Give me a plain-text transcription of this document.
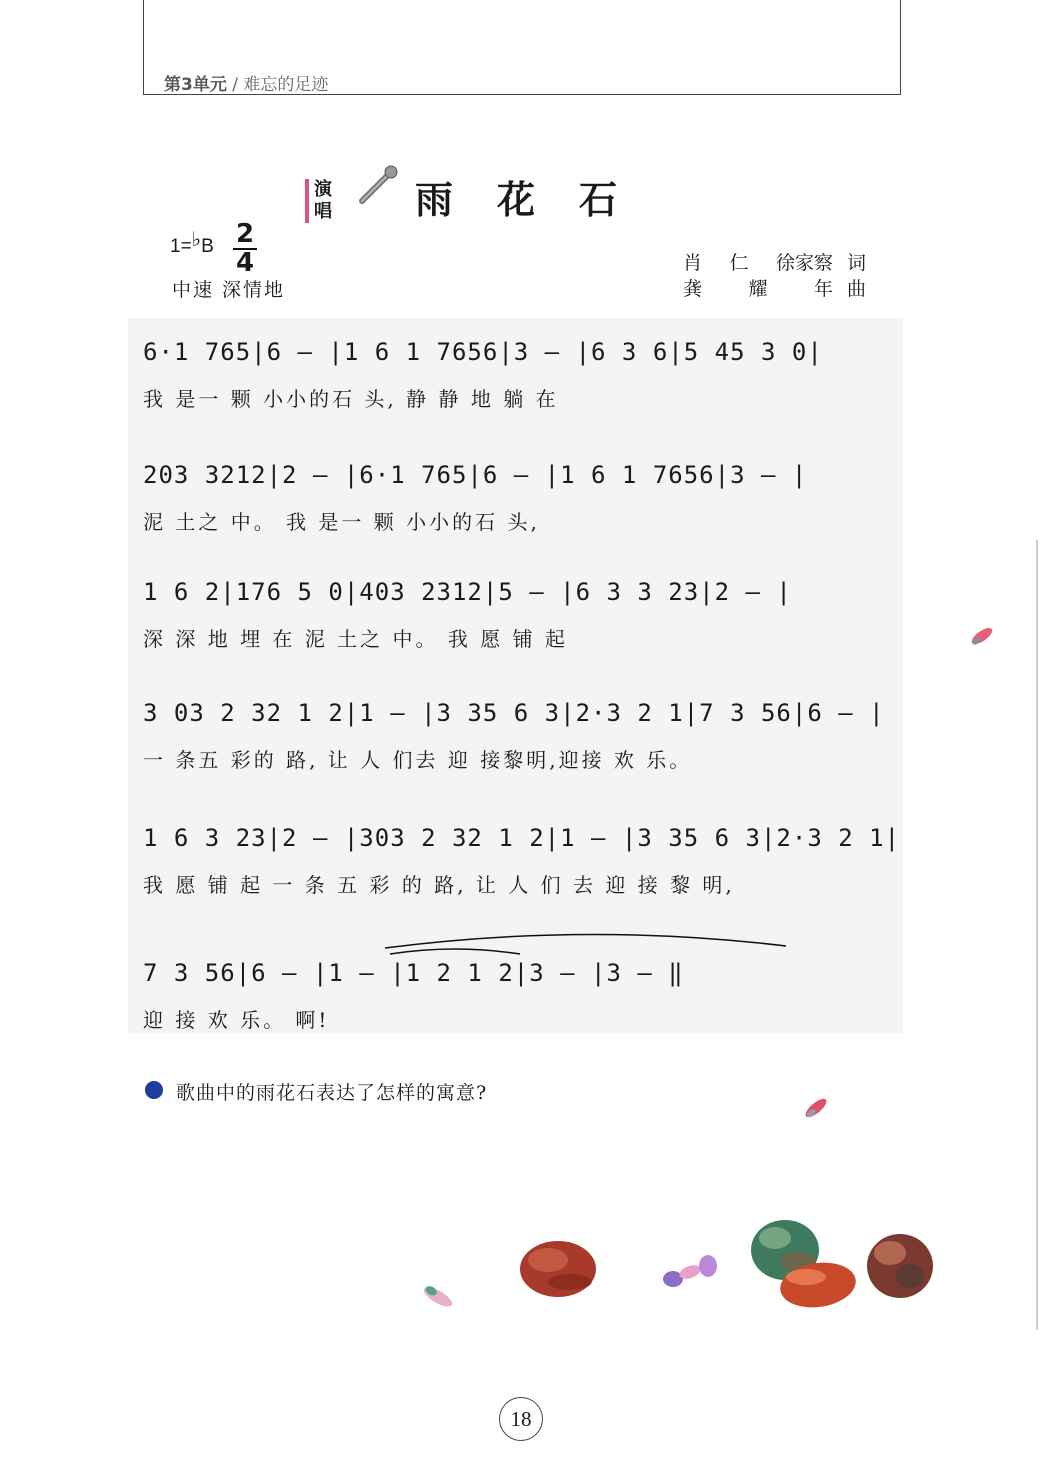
第3单元 / 难忘的足迹
演唱 雨花石
1=♭B 2
4
中速 深情地
肖 仁 徐家察 词
龚 耀 年 曲
6·1 765|6 – |1 6 1 7656|3 – |6 3 6|5 45 3 0|
我 是一 颗 小小的石 头, 静 静 地 躺 在
203 3212|2 – |6·1 765|6 – |1 6 1 7656|3 – |
泥 土之 中。 我 是一 颗 小小的石 头,
1 6 2|176 5 0|403 2312|5 – |6 3 3 23|2 – |
深 深 地 埋 在 泥 土之 中。 我 愿 铺 起
3 03 2 32 1 2|1 – |3 35 6 3|2·3 2 1|7 3 56|6 – |
一 条五 彩的 路, 让 人 们去 迎 接黎明,迎接 欢 乐。
1 6 3 23|2 – |303 2 32 1 2|1 – |3 35 6 3|2·3 2 1|
我 愿 铺 起 一 条 五 彩 的 路, 让 人 们 去 迎 接 黎 明,
7 3 56|6 – |1 – |1 2 1 2|3 – |3 – ‖
迎 接 欢 乐。 啊!
歌曲中的雨花石表达了怎样的寓意?
18
